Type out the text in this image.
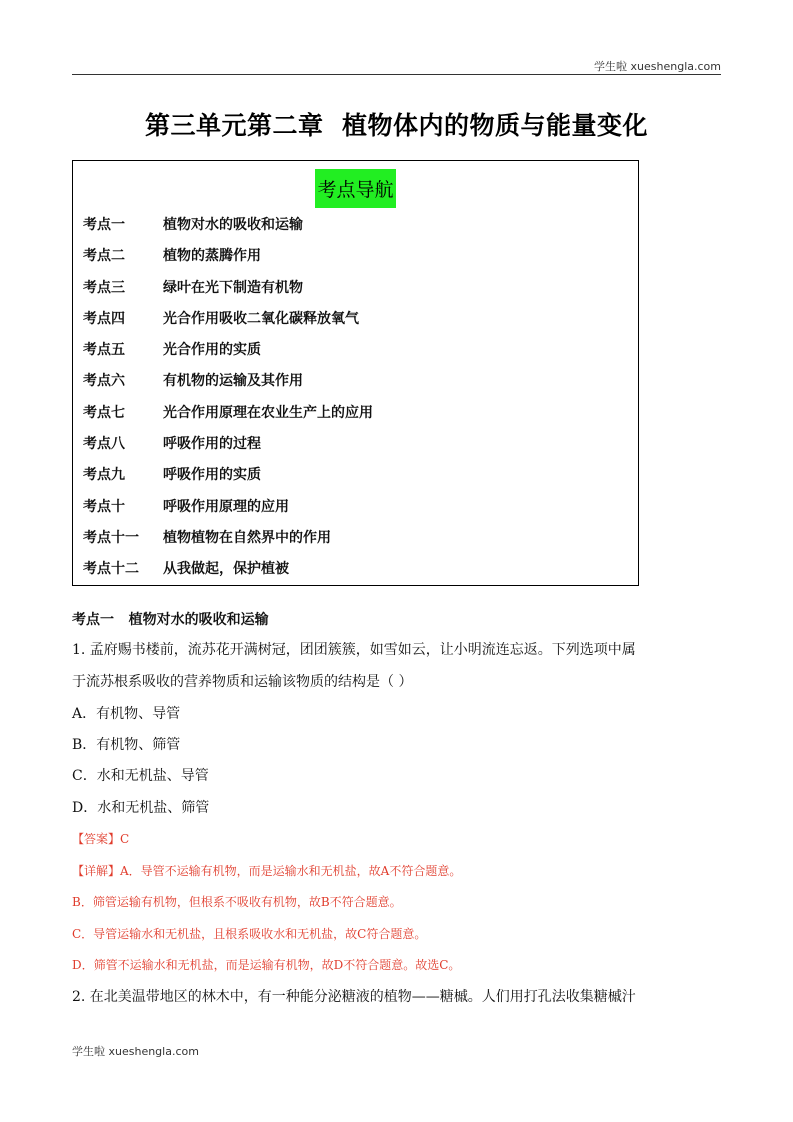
学生啦 xueshengla.com
第三单元第二章  植物体内的物质与能量变化
考点导航
考点一	植物对水的吸收和运输
考点二	植物的蒸腾作用
考点三	绿叶在光下制造有机物
考点四	光合作用吸收二氧化碳释放氧气
考点五	光合作用的实质
考点六	有机物的运输及其作用
考点七	光合作用原理在农业生产上的应用
考点八	呼吸作用的过程
考点九	呼吸作用的实质
考点十	呼吸作用原理的应用
考点十一 植物植物在自然界中的作用
考点十二 从我做起，保护植被
考点一   植物对水的吸收和运输
1. 孟府赐书楼前，流苏花开满树冠，团团簇簇，如雪如云，让小明流连忘返。下列选项中属
于流苏根系吸收的营养物质和运输该物质的结构是（ ）
A．有机物、导管
B．有机物、筛管
C．水和无机盐、导管
D．水和无机盐、筛管
【答案】C
【详解】A．导管不运输有机物，而是运输水和无机盐，故A不符合题意。
B．筛管运输有机物，但根系不吸收有机物，故B不符合题意。
C．导管运输水和无机盐，且根系吸收水和无机盐，故C符合题意。
D．筛管不运输水和无机盐，而是运输有机物，故D不符合题意。故选C。
2. 在北美温带地区的林木中，有一种能分泌糖液的植物——糖槭。人们用打孔法收集糖槭汁
学生啦 xueshengla.com
